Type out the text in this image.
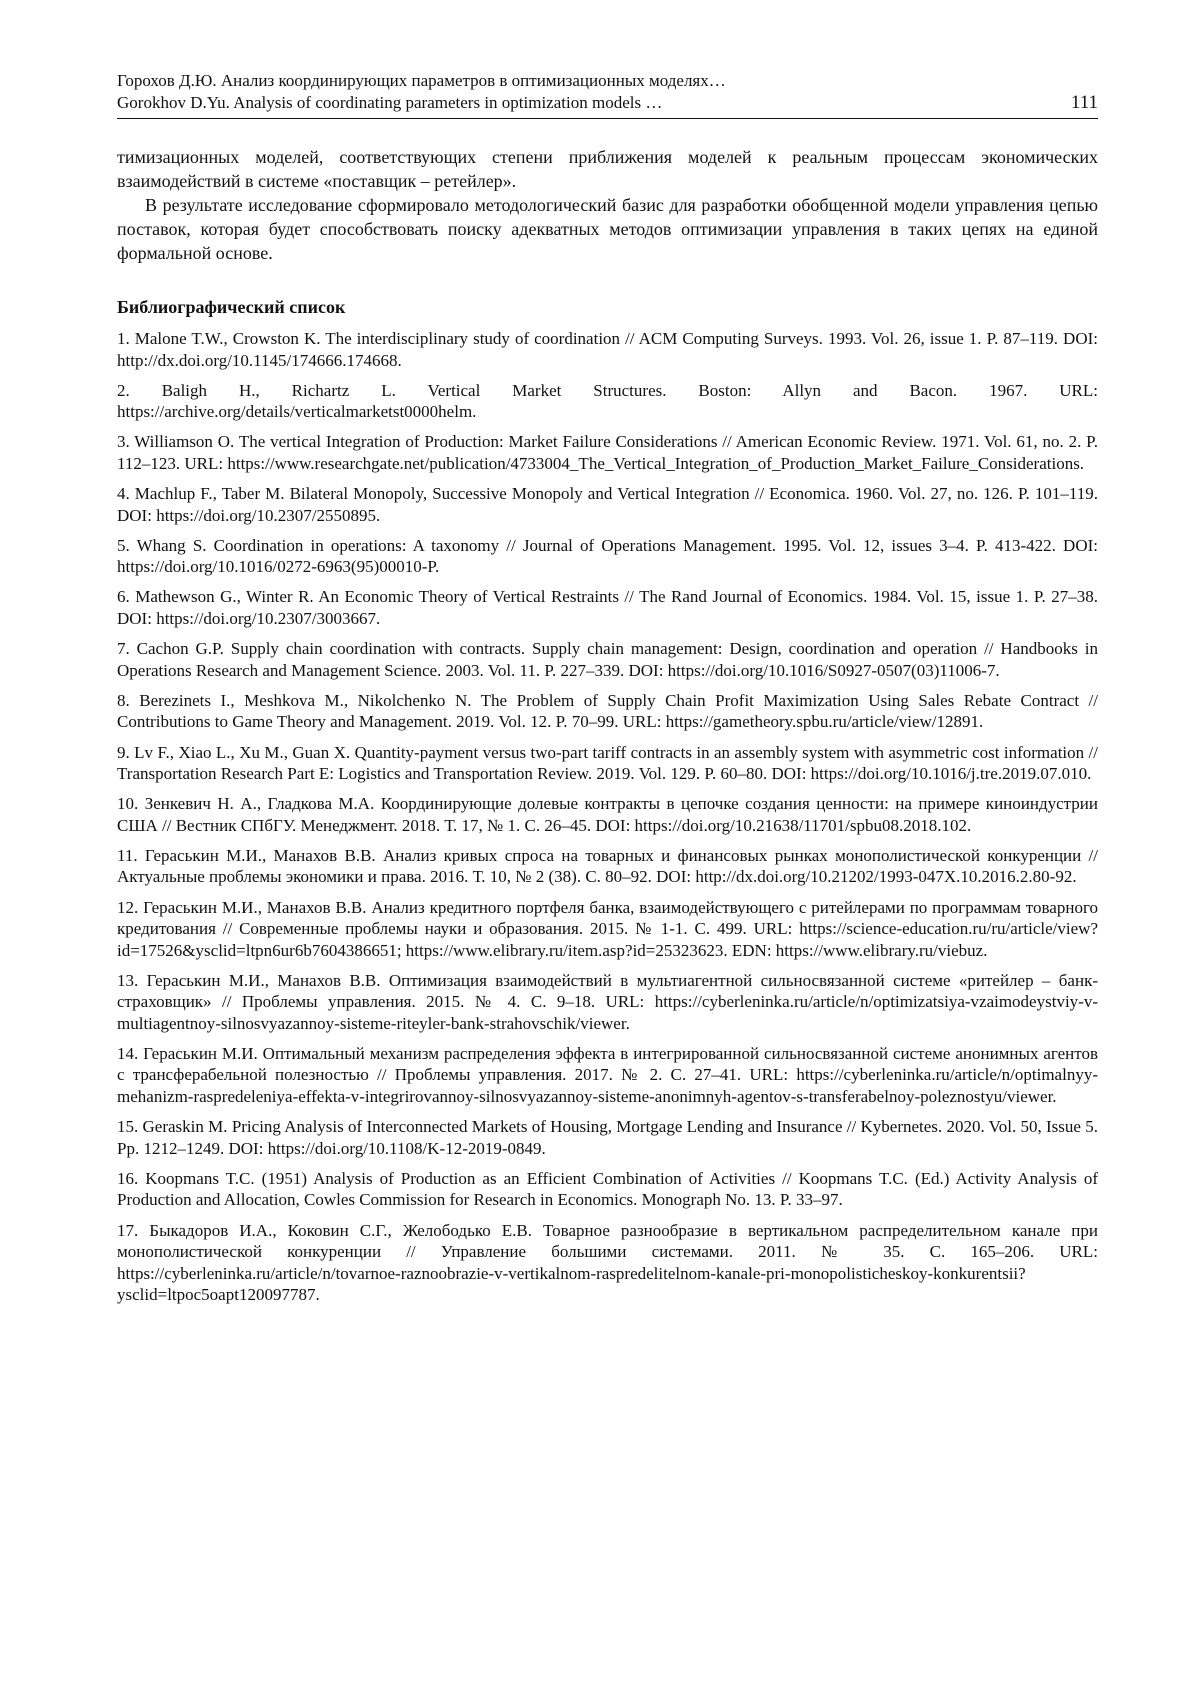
Горохов Д.Ю. Анализ координирующих параметров в оптимизационных моделях…
Gorokhov D.Yu. Analysis of coordinating parameters in optimization models …	111

тимизационных моделей, соответствующих степени приближения моделей к реальным процессам экономических взаимодействий в системе «поставщик – ретейлер».

В результате исследование сформировало методологический базис для разработки обобщенной модели управления цепью поставок, которая будет способствовать поиску адекватных методов оптимизации управления в таких цепях на единой формальной основе.

Библиографический список
1. Malone T.W., Crowston K. The interdisciplinary study of coordination // ACM Computing Surveys. 1993. Vol. 26, issue 1. P. 87–119. DOI: http://dx.doi.org/10.1145/174666.174668.
2. Baligh H., Richartz L. Vertical Market Structures. Boston: Allyn and Bacon. 1967. URL: https://archive.org/details/verticalmarketst0000helm.
3. Williamson O. The vertical Integration of Production: Market Failure Considerations // American Economic Review. 1971. Vol. 61, no. 2. P. 112–123. URL: https://www.researchgate.net/publication/4733004_The_Vertical_Integration_of_Production_Market_Failure_Considerations.
4. Machlup F., Taber M. Bilateral Monopoly, Successive Monopoly and Vertical Integration // Economica. 1960. Vol. 27, no. 126. P. 101–119. DOI: https://doi.org/10.2307/2550895.
5. Whang S. Coordination in operations: A taxonomy // Journal of Operations Management. 1995. Vol. 12, issues 3–4. P. 413-422. DOI: https://doi.org/10.1016/0272-6963(95)00010-P.
6. Mathewson G., Winter R. An Economic Theory of Vertical Restraints // The Rand Journal of Economics. 1984. Vol. 15, issue 1. P. 27–38. DOI: https://doi.org/10.2307/3003667.
7. Cachon G.P. Supply chain coordination with contracts. Supply chain management: Design, coordination and operation // Handbooks in Operations Research and Management Science. 2003. Vol. 11. P. 227–339. DOI: https://doi.org/10.1016/S0927-0507(03)11006-7.
8. Berezinets I., Meshkova M., Nikolchenko N. The Problem of Supply Chain Profit Maximization Using Sales Rebate Contract // Contributions to Game Theory and Management. 2019. Vol. 12. P. 70–99. URL: https://gametheory.spbu.ru/article/view/12891.
9. Lv F., Xiao L., Xu M., Guan X. Quantity-payment versus two-part tariff contracts in an assembly system with asymmetric cost information // Transportation Research Part E: Logistics and Transportation Review. 2019. Vol. 129. P. 60–80. DOI: https://doi.org/10.1016/j.tre.2019.07.010.
10. Зенкевич Н. А., Гладкова М.А. Координирующие долевые контракты в цепочке создания ценности: на примере киноиндустрии США // Вестник СПбГУ. Менеджмент. 2018. Т. 17, № 1. С. 26–45. DOI: https://doi.org/10.21638/11701/spbu08.2018.102.
11. Гераськин М.И., Манахов В.В. Анализ кривых спроса на товарных и финансовых рынках монополистической конкуренции // Актуальные проблемы экономики и права. 2016. Т. 10, № 2 (38). С. 80–92. DOI: http://dx.doi.org/10.21202/1993-047X.10.2016.2.80-92.
12. Гераськин М.И., Манахов В.В. Анализ кредитного портфеля банка, взаимодействующего с ритейлерами по программам товарного кредитования // Современные проблемы науки и образования. 2015. № 1-1. С. 499. URL: https://science-education.ru/ru/article/view?id=17526&ysclid=ltpn6ur6b7604386651; https://www.elibrary.ru/item.asp?id=25323623. EDN: https://www.elibrary.ru/viebuz.
13. Гераськин М.И., Манахов В.В. Оптимизация взаимодействий в мультиагентной сильносвязанной системе «ритейлер – банк-страховщик» // Проблемы управления. 2015. № 4. С. 9–18. URL: https://cyberleninka.ru/article/n/optimizatsiya-vzaimodeystviy-v-multiagentnoy-silnosvyazannoy-sisteme-riteyler-bank-strahovschik/viewer.
14. Гераськин М.И. Оптимальный механизм распределения эффекта в интегрированной сильносвязанной системе анонимных агентов с трансферабельной полезностью // Проблемы управления. 2017. № 2. С. 27–41. URL: https://cyberleninka.ru/article/n/optimalnyy-mehanizm-raspredeleniya-effekta-v-integrirovannoy-silnosvyazannoy-sisteme-anonimnyh-agentov-s-transferabelnoy-poleznostyu/viewer.
15. Geraskin M. Pricing Analysis of Interconnected Markets of Housing, Mortgage Lending and Insurance // Kybernetes. 2020. Vol. 50, Issue 5. Pp. 1212–1249. DOI: https://doi.org/10.1108/K-12-2019-0849.
16. Koopmans T.C. (1951) Analysis of Production as an Efficient Combination of Activities // Koopmans T.C. (Ed.) Activity Analysis of Production and Allocation, Cowles Commission for Research in Economics. Monograph No. 13. P. 33–97.
17. Быкадоров И.А., Коковин С.Г., Желободько Е.В. Товарное разнообразие в вертикальном распределительном канале при монополистической конкуренции // Управление большими системами. 2011. № 35. С. 165–206. URL: https://cyberleninka.ru/article/n/tovarnoe-raznoobrazie-v-vertikalnom-raspredelitelnom-kanale-pri-monopolisticheskoy-konkurentsii?ysclid=ltpoc5oapt120097787.
